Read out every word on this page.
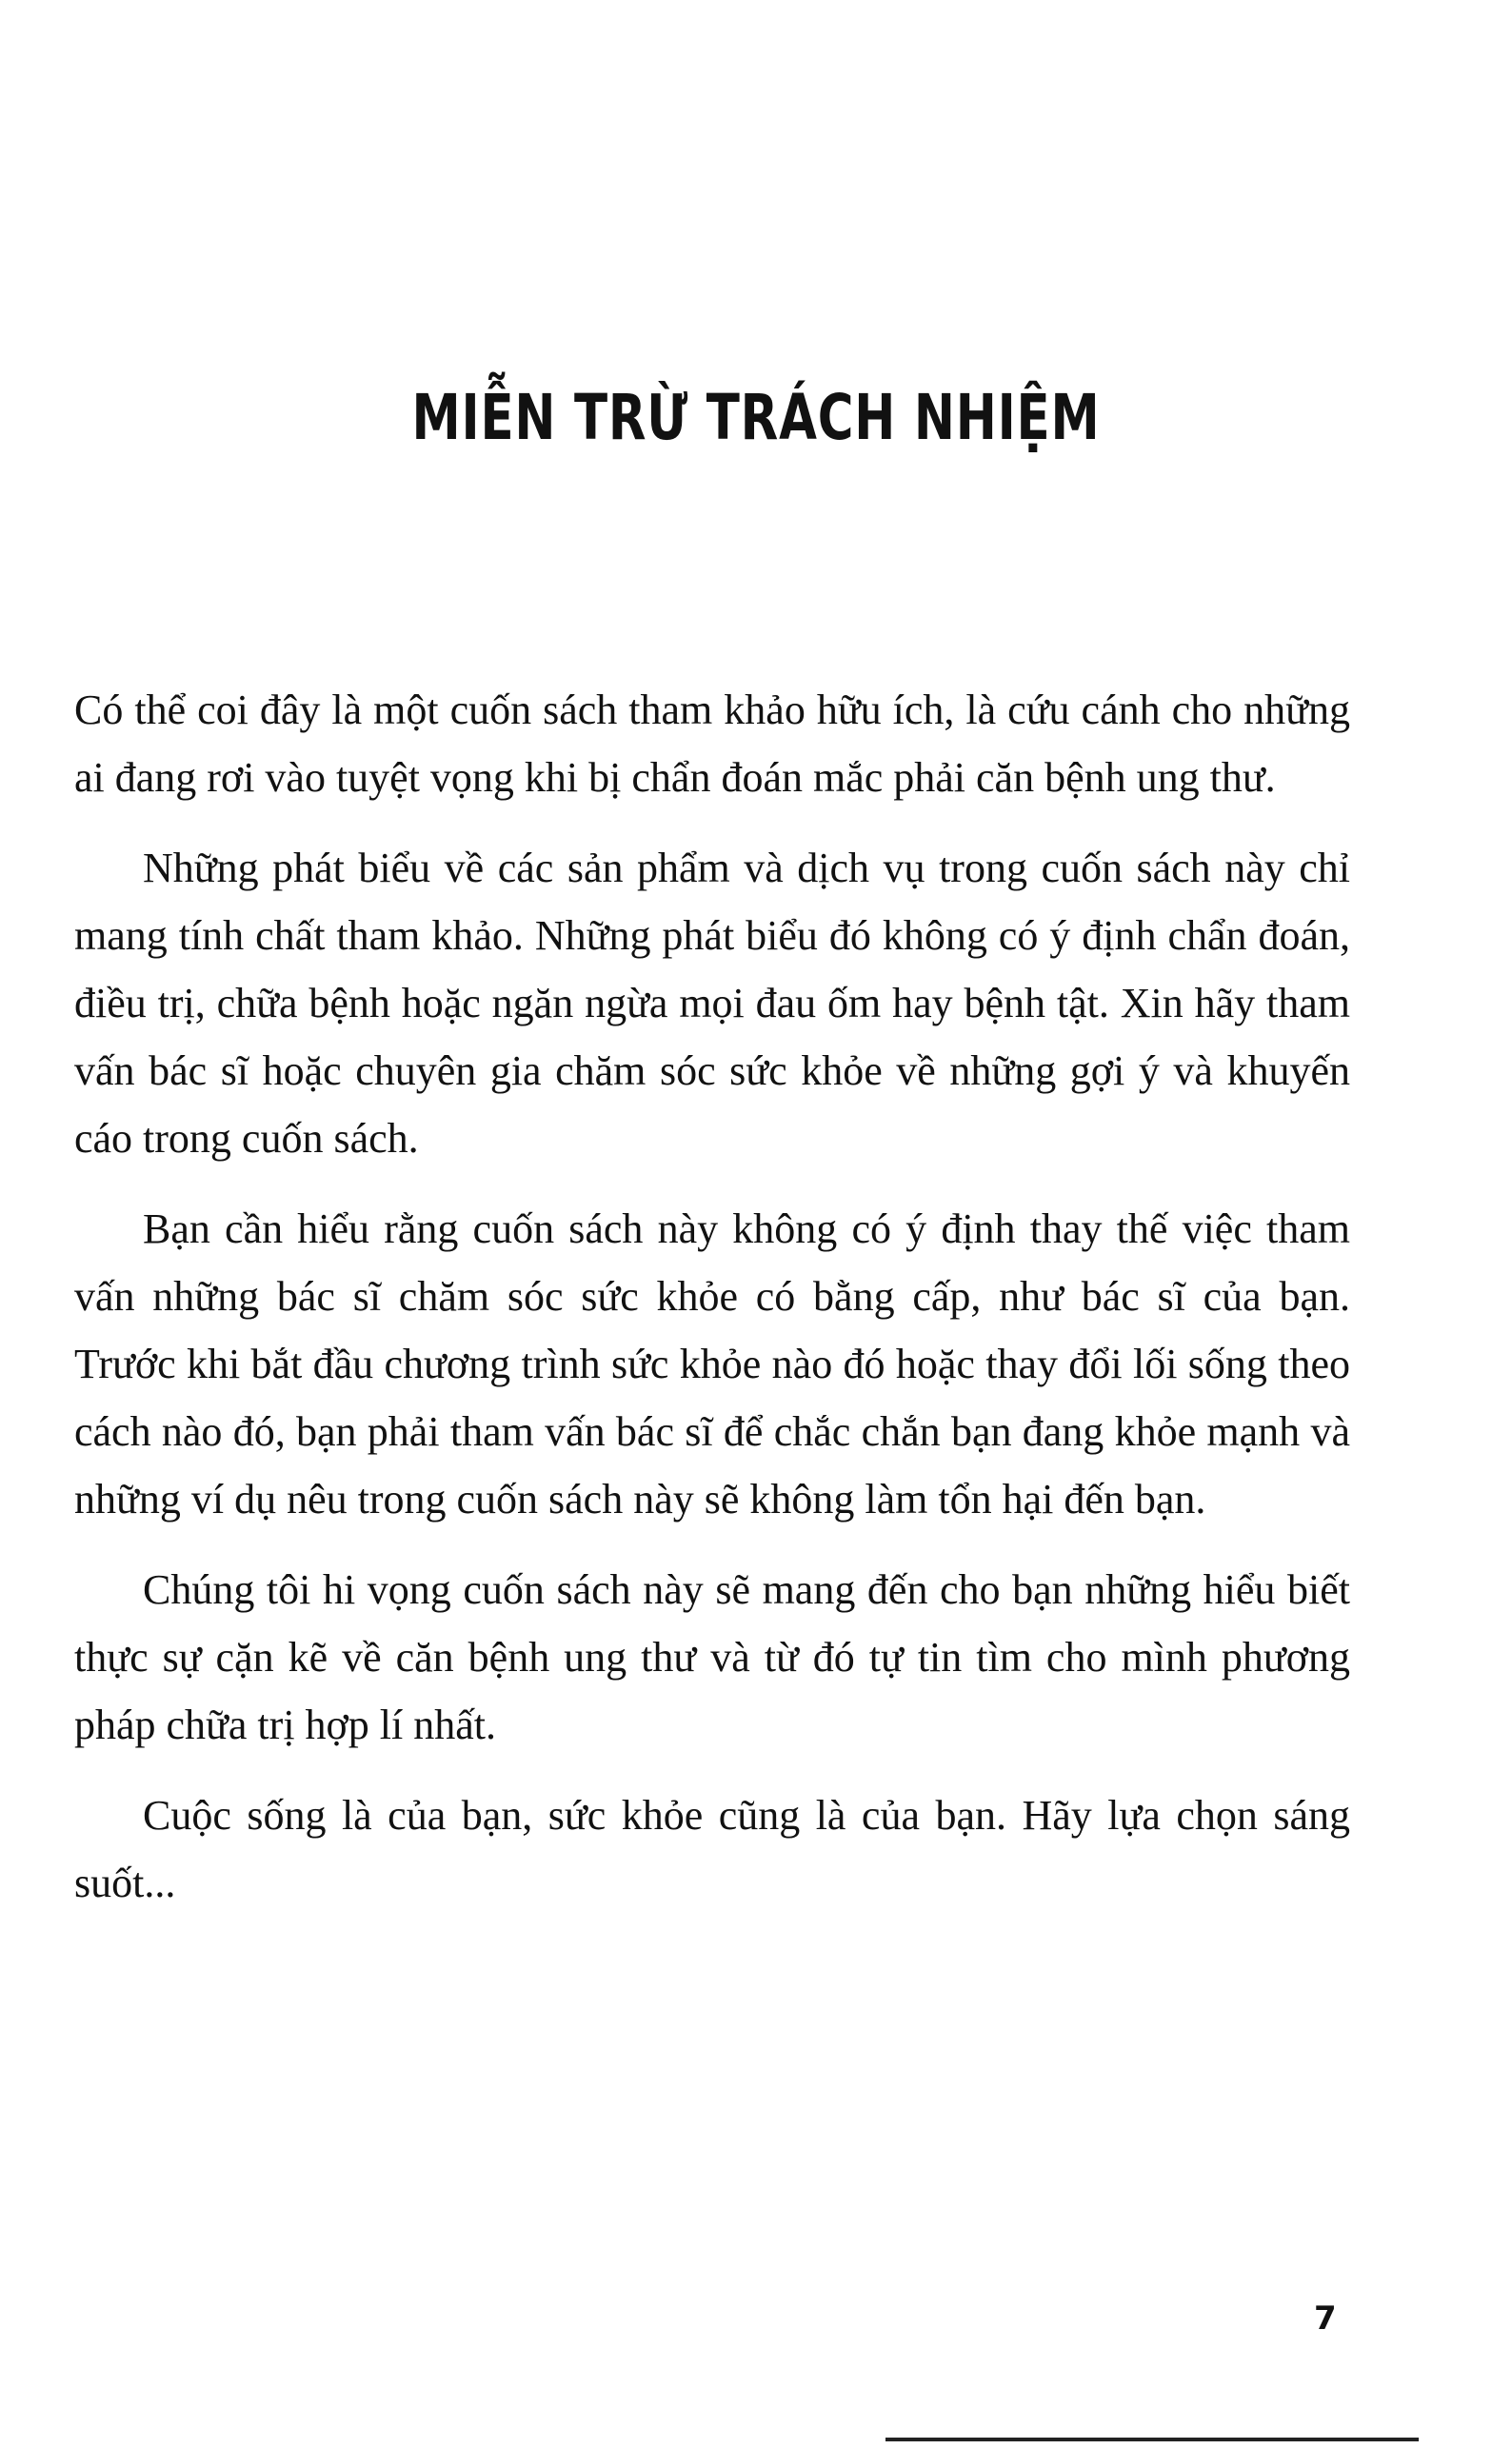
MIỄN TRỪ TRÁCH NHIỆM

Có thể coi đây là một cuốn sách tham khảo hữu ích, là cứu cánh cho những ai đang rơi vào tuyệt vọng khi bị chẩn đoán mắc phải căn bệnh ung thư.

Những phát biểu về các sản phẩm và dịch vụ trong cuốn sách này chỉ mang tính chất tham khảo. Những phát biểu đó không có ý định chẩn đoán, điều trị, chữa bệnh hoặc ngăn ngừa mọi đau ốm hay bệnh tật. Xin hãy tham vấn bác sĩ hoặc chuyên gia chăm sóc sức khỏe về những gợi ý và khuyến cáo trong cuốn sách.

Bạn cần hiểu rằng cuốn sách này không có ý định thay thế việc tham vấn những bác sĩ chăm sóc sức khỏe có bằng cấp, như bác sĩ của bạn. Trước khi bắt đầu chương trình sức khỏe nào đó hoặc thay đổi lối sống theo cách nào đó, bạn phải tham vấn bác sĩ để chắc chắn bạn đang khỏe mạnh và những ví dụ nêu trong cuốn sách này sẽ không làm tổn hại đến bạn.

Chúng tôi hi vọng cuốn sách này sẽ mang đến cho bạn những hiểu biết thực sự cặn kẽ về căn bệnh ung thư và từ đó tự tin tìm cho mình phương pháp chữa trị hợp lí nhất.

Cuộc sống là của bạn, sức khỏe cũng là của bạn. Hãy lựa chọn sáng suốt...

7
